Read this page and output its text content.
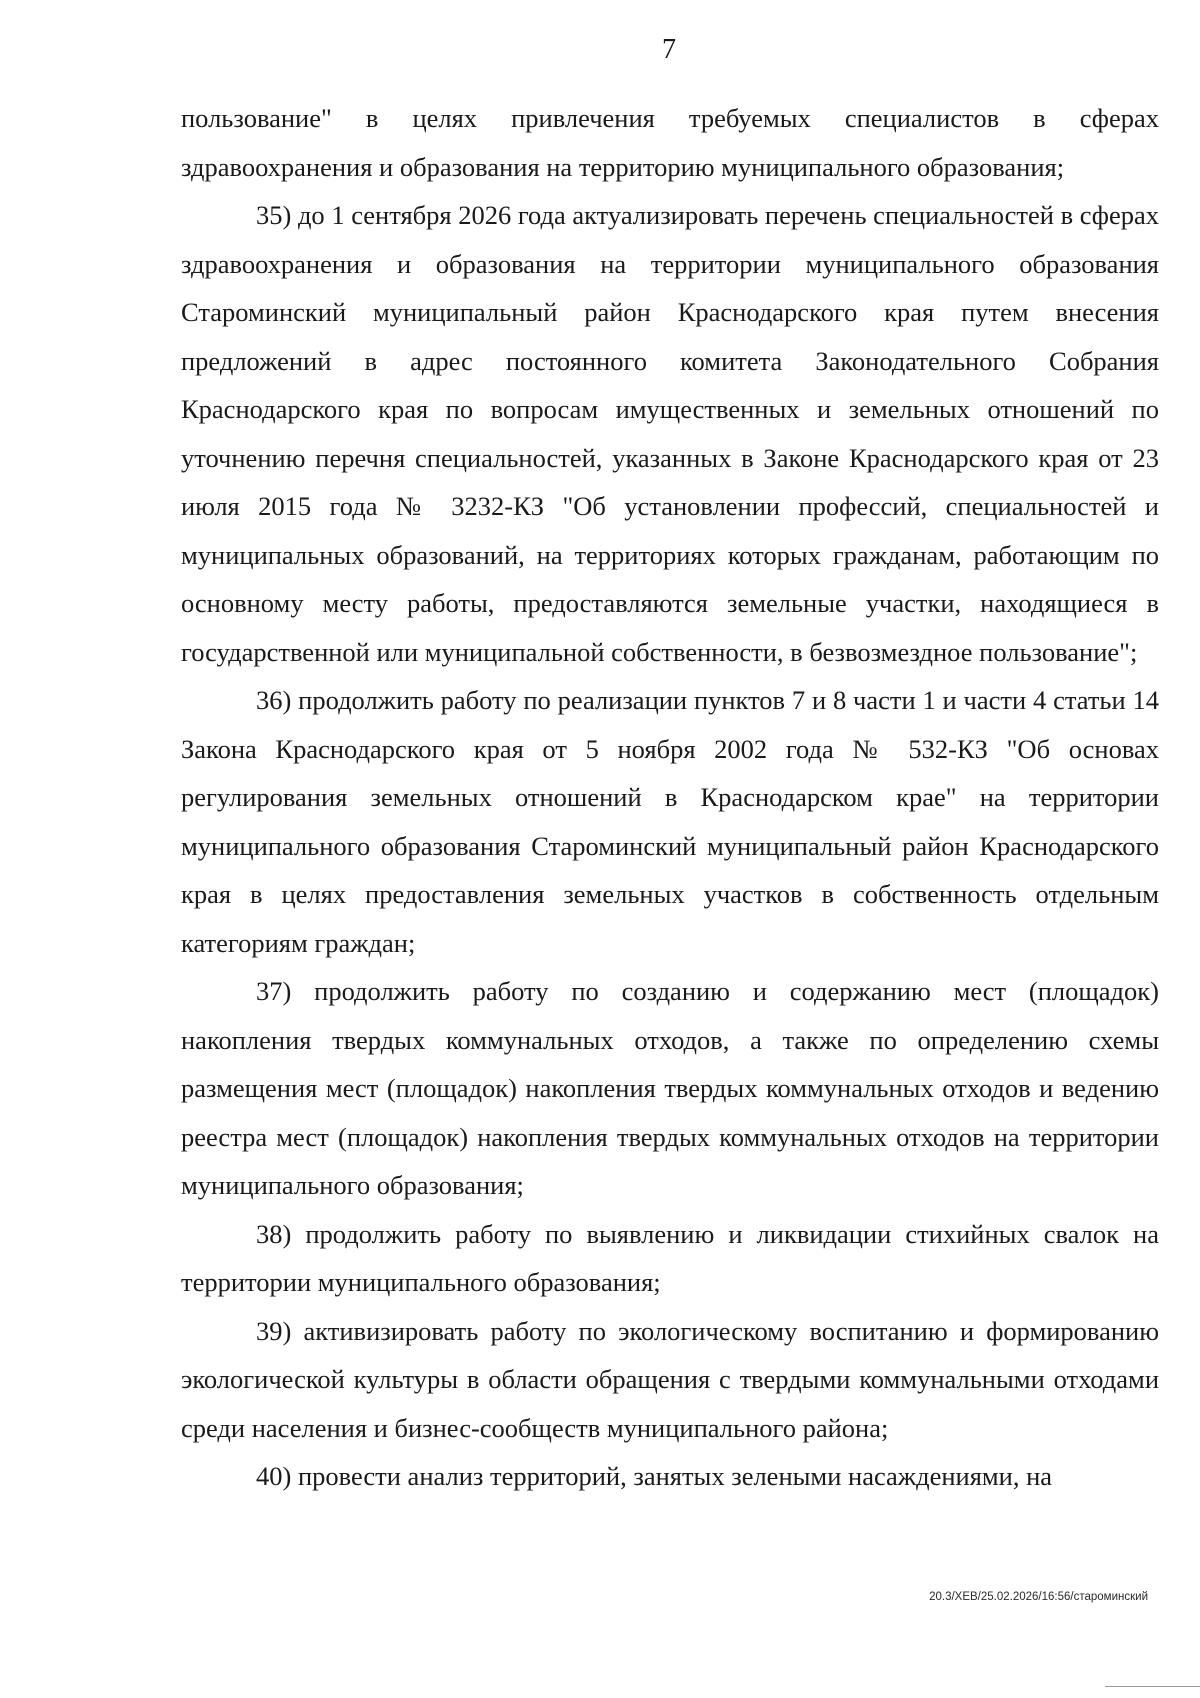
7

пользование" в целях привлечения требуемых специалистов в сферах здравоохранения и образования на территорию муниципального образования;

35) до 1 сентября 2026 года актуализировать перечень специальностей в сферах здравоохранения и образования на территории муниципального образования Староминский муниципальный район Краснодарского края путем внесения предложений в адрес постоянного комитета Законодательного Собрания Краснодарского края по вопросам имущественных и земельных отношений по уточнению перечня специальностей, указанных в Законе Краснодарского края от 23 июля 2015 года № 3232-КЗ "Об установлении профессий, специальностей и муниципальных образований, на территориях которых гражданам, работающим по основному месту работы, предоставляются земельные участки, находящиеся в государственной или муниципальной собственности, в безвозмездное пользование";

36) продолжить работу по реализации пунктов 7 и 8 части 1 и части 4 статьи 14 Закона Краснодарского края от 5 ноября 2002 года № 532-КЗ "Об основах регулирования земельных отношений в Краснодарском крае" на территории муниципального образования Староминский муниципальный район Краснодарского края в целях предоставления земельных участков в собственность отдельным категориям граждан;

37) продолжить работу по созданию и содержанию мест (площадок) накопления твердых коммунальных отходов, а также по определению схемы размещения мест (площадок) накопления твердых коммунальных отходов и ведению реестра мест (площадок) накопления твердых коммунальных отходов на территории муниципального образования;

38) продолжить работу по выявлению и ликвидации стихийных свалок на территории муниципального образования;

39) активизировать работу по экологическому воспитанию и формированию экологической культуры в области обращения с твердыми коммунальными отходами среди населения и бизнес-сообществ муниципального района;

40) провести анализ территорий, занятых зелеными насаждениями, на

20.3/ХЕВ/25.02.2026/16:56/староминский
